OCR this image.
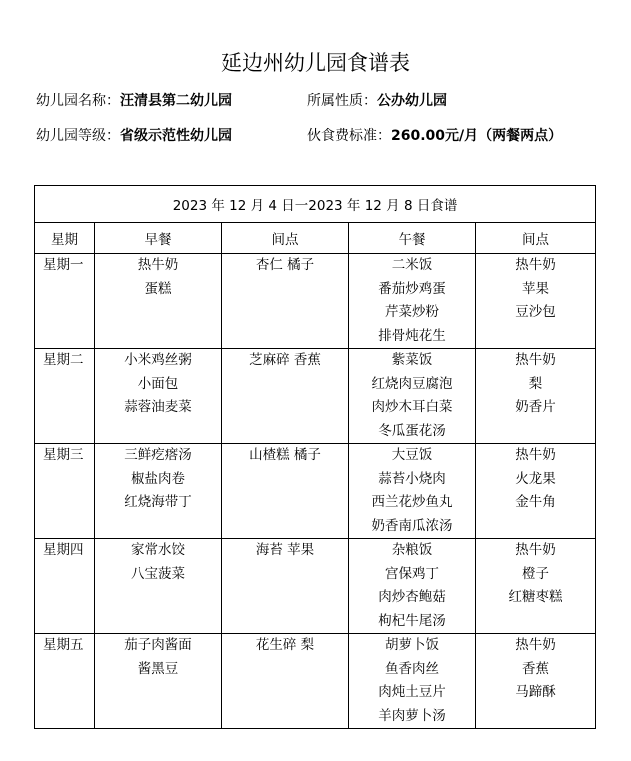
延边州幼儿园食谱表
幼儿园名称：汪清县第二幼儿园	所属性质：公办幼儿园
幼儿园等级：省级示范性幼儿园	伙食费标准：260.00元/月（两餐两点）
2023 年 12 月 4 日一2023 年 12 月 8 日食谱				
星期	早餐	间点	午餐	间点

星期一	热牛奶
蛋糕	杏仁 橘子	二米饭
番茄炒鸡蛋
芹菜炒粉
排骨炖花生	热牛奶
苹果
豆沙包

星期二	小米鸡丝粥
小面包
蒜蓉油麦菜	芝麻碎 香蕉	紫菜饭
红烧肉豆腐泡
肉炒木耳白菜
冬瓜蛋花汤	热牛奶
梨
奶香片

星期三	三鲜疙瘩汤
椒盐肉卷
红烧海带丁	山楂糕 橘子	大豆饭
蒜苔小烧肉
西兰花炒鱼丸
奶香南瓜浓汤	热牛奶
火龙果
金牛角

星期四	家常水饺
八宝菠菜	海苔 苹果	杂粮饭
宫保鸡丁
肉炒杏鲍菇
枸杞牛尾汤	热牛奶
橙子
红糖枣糕

星期五	茄子肉酱面
酱黑豆	花生碎 梨	胡萝卜饭
鱼香肉丝
肉炖土豆片
羊肉萝卜汤	热牛奶
香蕉
马蹄酥
